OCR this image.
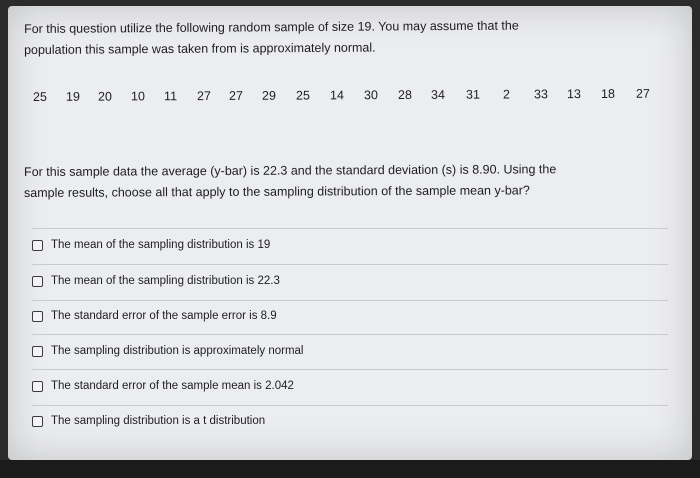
For this question utilize the following random sample of size 19. You may assume that the
population this sample was taken from is approximately normal.
25 19 20 10 11 27 27 29 25 14 30 28 34 31 2 33 13 18 27
For this sample data the average (y-bar) is 22.3 and the standard deviation (s) is 8.90. Using the
sample results, choose all that apply to the sampling distribution of the sample mean y-bar?
The mean of the sampling distribution is 19
The mean of the sampling distribution is 22.3
The standard error of the sample error is 8.9
The sampling distribution is approximately normal
The standard error of the sample mean is 2.042
The sampling distribution is a t distribution
